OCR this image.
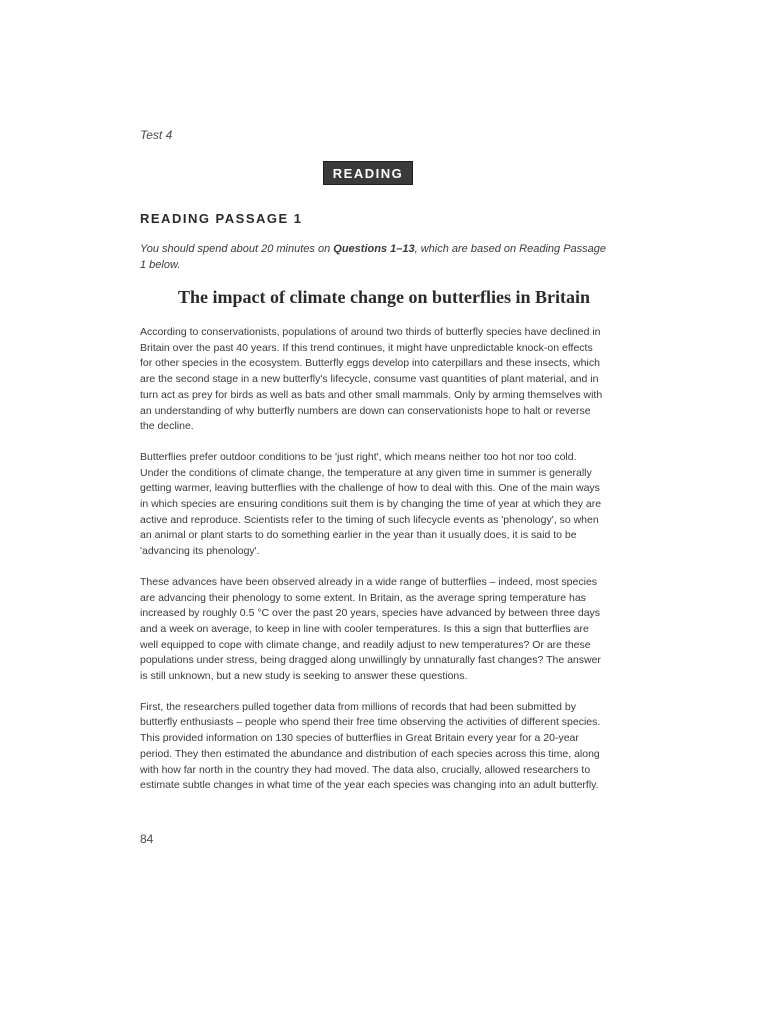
Test 4
READING
READING PASSAGE 1
You should spend about 20 minutes on Questions 1–13, which are based on Reading Passage 1 below.
The impact of climate change on butterflies in Britain

According to conservationists, populations of around two thirds of butterfly species have declined in Britain over the past 40 years. If this trend continues, it might have unpredictable knock-on effects for other species in the ecosystem. Butterfly eggs develop into caterpillars and these insects, which are the second stage in a new butterfly's lifecycle, consume vast quantities of plant material, and in turn act as prey for birds as well as bats and other small mammals. Only by arming themselves with an understanding of why butterfly numbers are down can conservationists hope to halt or reverse the decline.

Butterflies prefer outdoor conditions to be 'just right', which means neither too hot nor too cold. Under the conditions of climate change, the temperature at any given time in summer is generally getting warmer, leaving butterflies with the challenge of how to deal with this. One of the main ways in which species are ensuring conditions suit them is by changing the time of year at which they are active and reproduce. Scientists refer to the timing of such lifecycle events as 'phenology', so when an animal or plant starts to do something earlier in the year than it usually does, it is said to be 'advancing its phenology'.

These advances have been observed already in a wide range of butterflies – indeed, most species are advancing their phenology to some extent. In Britain, as the average spring temperature has increased by roughly 0.5 °C over the past 20 years, species have advanced by between three days and a week on average, to keep in line with cooler temperatures. Is this a sign that butterflies are well equipped to cope with climate change, and readily adjust to new temperatures? Or are these populations under stress, being dragged along unwillingly by unnaturally fast changes? The answer is still unknown, but a new study is seeking to answer these questions.

First, the researchers pulled together data from millions of records that had been submitted by butterfly enthusiasts – people who spend their free time observing the activities of different species. This provided information on 130 species of butterflies in Great Britain every year for a 20-year period. They then estimated the abundance and distribution of each species across this time, along with how far north in the country they had moved. The data also, crucially, allowed researchers to estimate subtle changes in what time of the year each species was changing into an adult butterfly.

84
